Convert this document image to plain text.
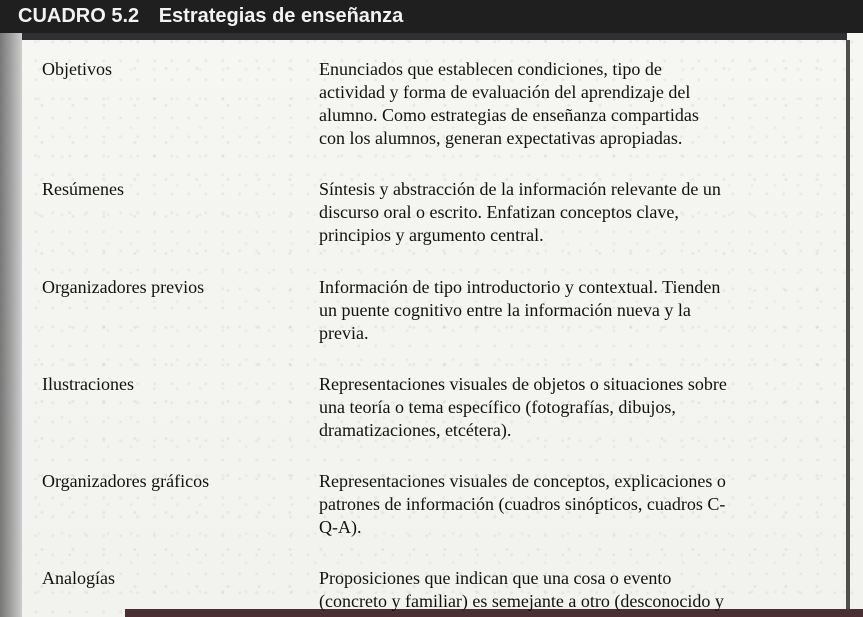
CUADRO 5.2 Estrategias de enseñanza
Objetivos	Enunciados que establecen condiciones, tipo de
actividad y forma de evaluación del aprendizaje del
alumno. Como estrategias de enseñanza compartidas
con los alumnos, generan expectativas apropiadas.
Resúmenes	Síntesis y abstracción de la información relevante de un
discurso oral o escrito. Enfatizan conceptos clave,
principios y argumento central.
Organizadores previos	Información de tipo introductorio y contextual. Tienden
un puente cognitivo entre la información nueva y la
previa.
Ilustraciones	Representaciones visuales de objetos o situaciones sobre
una teoría o tema específico (fotografías, dibujos,
dramatizaciones, etcétera).
Organizadores gráficos	Representaciones visuales de conceptos, explicaciones o
patrones de información (cuadros sinópticos, cuadros C-
Q-A).
Analogías	Proposiciones que indican que una cosa o evento
(concreto y familiar) es semejante a otro (desconocido y
